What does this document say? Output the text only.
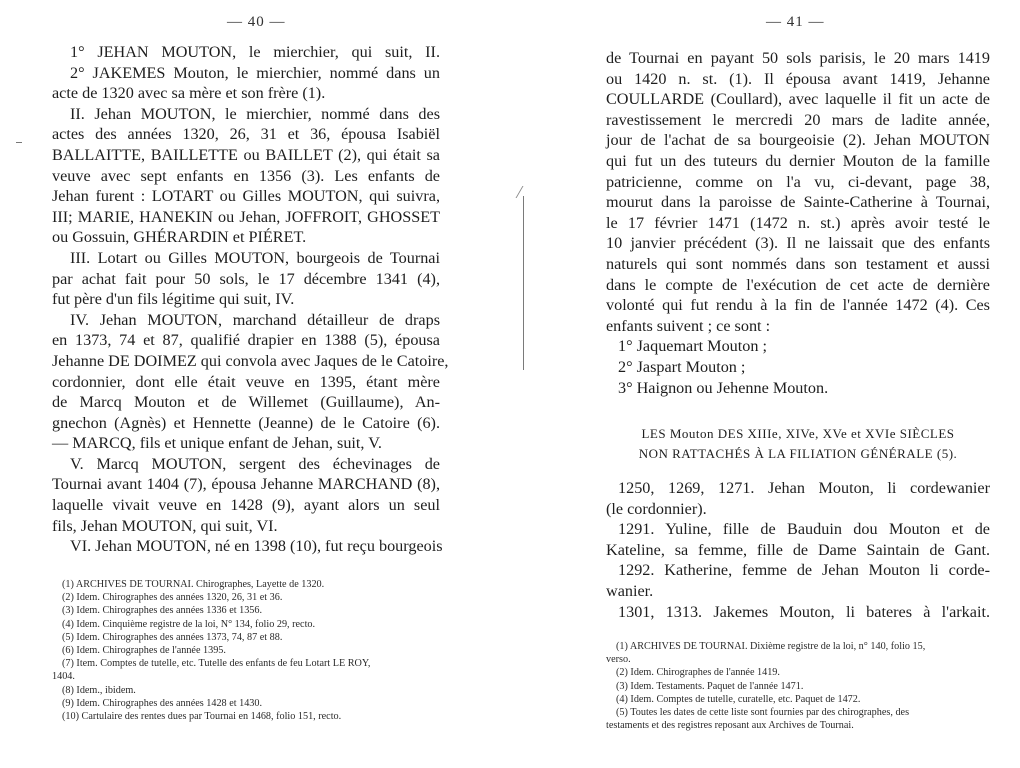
— 40 —
1° JEHAN MOUTON, le mierchier, qui suit, II.
2° JAKEMES Mouton, le mierchier, nommé dans un
acte de 1320 avec sa mère et son frère (1).
II. Jehan MOUTON, le mierchier, nommé dans des
actes des années 1320, 26, 31 et 36, épousa Isabiël
BALLAITTE, BAILLETTE ou BAILLET (2), qui était sa
veuve avec sept enfants en 1356 (3). Les enfants de
Jehan furent : LOTART ou Gilles MOUTON, qui suivra,
III; MARIE, HANEKIN ou Jehan, JOFFROIT, GHOSSET
ou Gossuin, GHÉRARDIN et PIÉRET.
III. Lotart ou Gilles MOUTON, bourgeois de Tournai
par achat fait pour 50 sols, le 17 décembre 1341 (4),
fut père d'un fils légitime qui suit, IV.
IV. Jehan MOUTON, marchand détailleur de draps
en 1373, 74 et 87, qualifié drapier en 1388 (5), épousa
Jehanne DE DOIMEZ qui convola avec Jaques de le Catoire,
cordonnier, dont elle était veuve en 1395, étant mère
de Marcq Mouton et de Willemet (Guillaume), An-
gnechon (Agnès) et Hennette (Jeanne) de le Catoire (6).
— MARCQ, fils et unique enfant de Jehan, suit, V.
V. Marcq MOUTON, sergent des échevinages de
Tournai avant 1404 (7), épousa Jehanne MARCHAND (8),
laquelle vivait veuve en 1428 (9), ayant alors un seul
fils, Jehan MOUTON, qui suit, VI.
VI. Jehan MOUTON, né en 1398 (10), fut reçu bourgeois
(1) ARCHIVES DE TOURNAI. Chirographes, Layette de 1320.
(2) Idem. Chirographes des années 1320, 26, 31 et 36.
(3) Idem. Chirographes des années 1336 et 1356.
(4) Idem. Cinquième registre de la loi, N° 134, folio 29, recto.
(5) Idem. Chirographes des années 1373, 74, 87 et 88.
(6) Idem. Chirographes de l'année 1395.
(7) Item. Comptes de tutelle, etc. Tutelle des enfants de feu Lotart LE ROY,
1404.
(8) Idem., ibidem.
(9) Idem. Chirographes des années 1428 et 1430.
(10) Cartulaire des rentes dues par Tournai en 1468, folio 151, recto.
— 41 —
de Tournai en payant 50 sols parisis, le 20 mars 1419
ou 1420 n. st. (1). Il épousa avant 1419, Jehanne
COULLARDE (Coullard), avec laquelle il fit un acte de
ravestissement le mercredi 20 mars de ladite année,
jour de l'achat de sa bourgeoisie (2). Jehan MOUTON
qui fut un des tuteurs du dernier Mouton de la famille
patricienne, comme on l'a vu, ci-devant, page 38,
mourut dans la paroisse de Sainte-Catherine à Tournai,
le 17 février 1471 (1472 n. st.) après avoir testé le
10 janvier précédent (3). Il ne laissait que des enfants
naturels qui sont nommés dans son testament et aussi
dans le compte de l'exécution de cet acte de dernière
volonté qui fut rendu à la fin de l'année 1472 (4). Ces
enfants suivent ; ce sont :
1° Jaquemart Mouton ;
2° Jaspart Mouton ;
3° Haignon ou Jehenne Mouton.
LES Mouton DES XIIIe, XIVe, XVe et XVIe SIÈCLES
NON RATTACHÉS À LA FILIATION GÉNÉRALE (5).
1250, 1269, 1271. Jehan Mouton, li cordewanier
(le cordonnier).
1291. Yuline, fille de Bauduin dou Mouton et de
Kateline, sa femme, fille de Dame Saintain de Gant.
1292. Katherine, femme de Jehan Mouton li corde-
wanier.
1301, 1313. Jakemes Mouton, li bateres à l'arkait.
(1) ARCHIVES DE TOURNAI. Dixième registre de la loi, n° 140, folio 15,
verso.
(2) Idem. Chirographes de l'année 1419.
(3) Idem. Testaments. Paquet de l'année 1471.
(4) Idem. Comptes de tutelle, curatelle, etc. Paquet de 1472.
(5) Toutes les dates de cette liste sont fournies par des chirographes, des
testaments et des registres reposant aux Archives de Tournai.
